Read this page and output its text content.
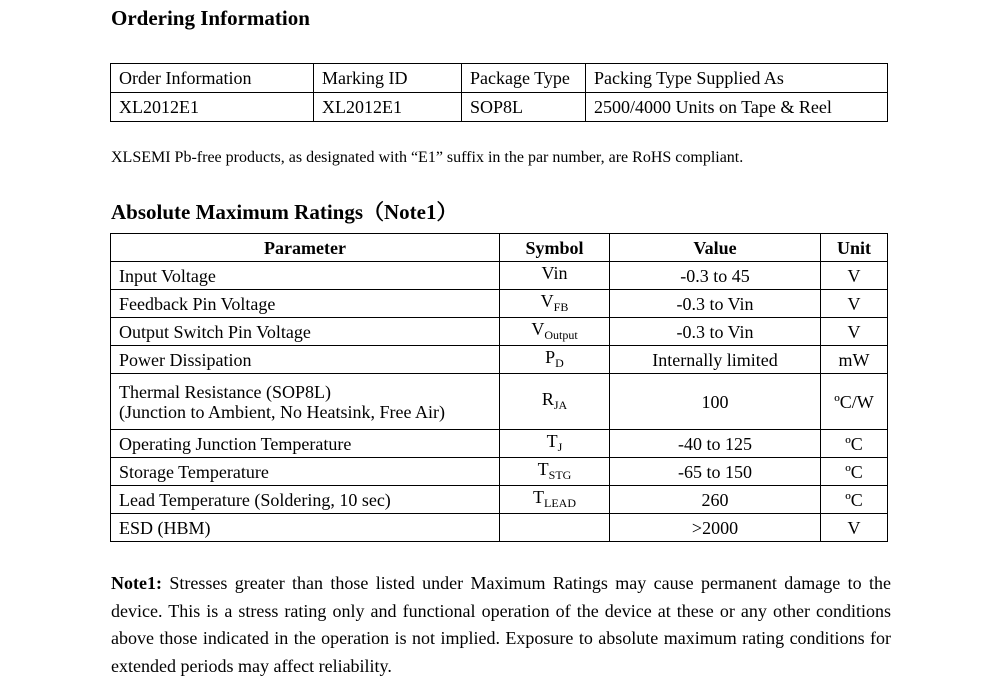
Ordering Information
Order Information	Marking ID	Package Type	Packing Type Supplied As
XL2012E1	XL2012E1	SOP8L	2500/4000 Units on Tape & Reel

XLSEMI Pb-free products, as designated with “E1” suffix in the par number, are RoHS compliant.

Absolute Maximum Ratings（Note1）
Parameter	Symbol	Value	Unit
Input Voltage	Vin	-0.3 to 45	V
Feedback Pin Voltage	$V_{FB}$	-0.3 to Vin	V
Output Switch Pin Voltage	$V_{Output}$	-0.3 to Vin	V
Power Dissipation	$P_D$	Internally limited	mW
Thermal Resistance (SOP8L)
(Junction to Ambient, No Heatsink, Free Air)	$R_{JA}$	100	ºC/W
Operating Junction Temperature	$T_J$	-40 to 125	ºC
Storage Temperature	$T_{STG}$	-65 to 150	ºC
Lead Temperature (Soldering, 10 sec)	$T_{LEAD}$	260	ºC
ESD (HBM)		>2000	V

Note1: Stresses greater than those listed under Maximum Ratings may cause permanent damage to the device. This is a stress rating only and functional operation of the device at these or any other conditions above those indicated in the operation is not implied. Exposure to absolute maximum rating conditions for extended periods may affect reliability.
